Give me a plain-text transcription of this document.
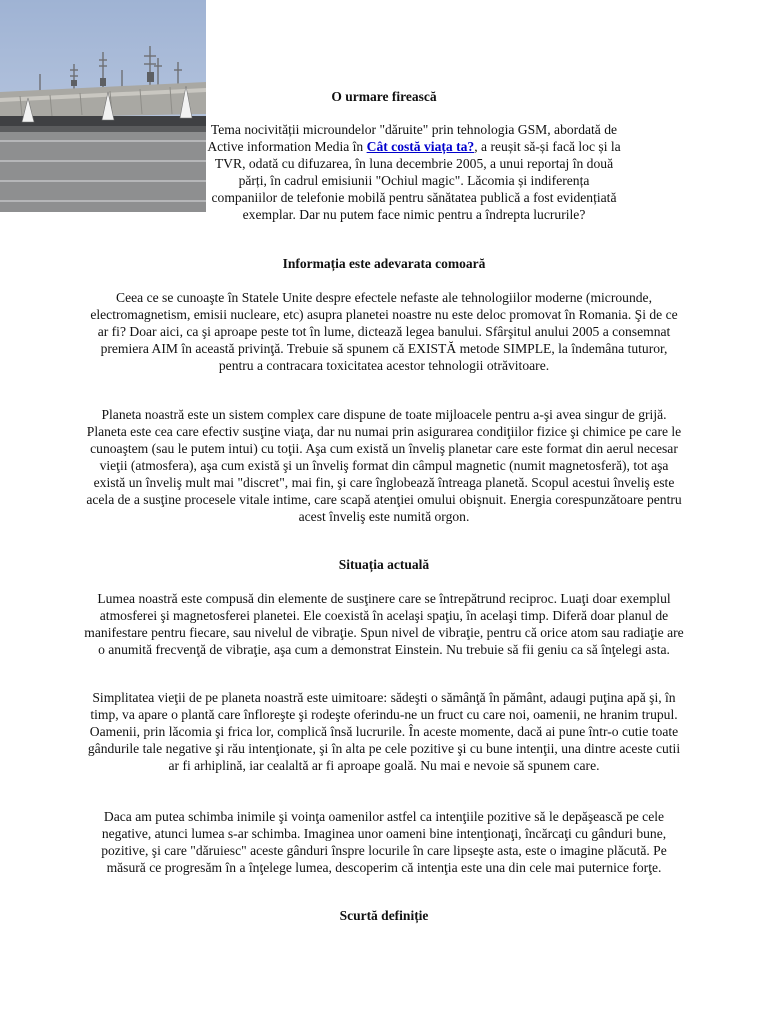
O urmare firească

Tema nocivității microundelor "dăruite" prin tehnologia GSM, abordată de Active information Media în Cât costă viața ta?, a reușit să-și facă loc și la TVR, odată cu difuzarea, în luna decembrie 2005, a unui reportaj în două părți, în cadrul emisiunii "Ochiul magic". Lăcomia și indiferența companiilor de telefonie mobilă pentru sănătatea publică a fost evidențiată exemplar. Dar nu putem face nimic pentru a îndrepta lucrurile?

Informația este adevarata comoară

Ceea ce se cunoaşte în Statele Unite despre efectele nefaste ale tehnologiilor moderne (microunde, electromagnetism, emisii nucleare, etc) asupra planetei noastre nu este deloc promovat în Romania. Şi de ce ar fi? Doar aici, ca şi aproape peste tot în lume, dictează legea banului. Sfârşitul anului 2005 a consemnat premiera AIM în această privinţă. Trebuie să spunem că EXISTĂ metode SIMPLE, la îndemâna tuturor, pentru a contracara toxicitatea acestor tehnologii otrăvitoare.

Planeta noastră este un sistem complex care dispune de toate mijloacele pentru a-şi avea singur de grijă. Planeta este cea care efectiv susţine viaţa, dar nu numai prin asigurarea condiţiilor fizice şi chimice pe care le cunoaştem (sau le putem intui) cu toţii. Aşa cum există un înveliş planetar care este format din aerul necesar vieţii (atmosfera), aşa cum există şi un înveliş format din câmpul magnetic (numit magnetosferă), tot aşa există un înveliş mult mai "discret", mai fin, şi care înglobează întreaga planetă. Scopul acestui înveliş este acela de a susţine procesele vitale intime, care scapă atenţiei omului obişnuit. Energia corespunzătoare pentru acest înveliş este numită orgon.

Situația actuală

Lumea noastră este compusă din elemente de susţinere care se întrepătrund reciproc. Luaţi doar exemplul atmosferei şi magnetosferei planetei. Ele coexistă în acelaşi spaţiu, în acelaşi timp. Diferă doar planul de manifestare pentru fiecare, sau nivelul de vibraţie. Spun nivel de vibraţie, pentru că orice atom sau radiaţie are o anumită frecvenţă de vibraţie, aşa cum a demonstrat Einstein. Nu trebuie să fii geniu ca să înţelegi asta.

Simplitatea vieţii de pe planeta noastră este uimitoare: sădeşti o sămânţă în pământ, adaugi puţina apă şi, în timp, va apare o plantă care înfloreşte şi rodeşte oferindu-ne un fruct cu care noi, oamenii, ne hranim trupul. Oamenii, prin lăcomia şi frica lor, complică însă lucrurile. În aceste momente, dacă ai pune într-o cutie toate gândurile tale negative şi rău intenţionate, şi în alta pe cele pozitive şi cu bune intenţii, una dintre aceste cutii ar fi arhiplină, iar cealaltă ar fi aproape goală. Nu mai e nevoie să spunem care.

Daca am putea schimba inimile şi voinţa oamenilor astfel ca intenţiile pozitive să le depăşească pe cele negative, atunci lumea s-ar schimba. Imaginea unor oameni bine intenţionaţi, încărcaţi cu gânduri bune, pozitive, şi care "dăruiesc" aceste gânduri înspre locurile în care lipseşte asta, este o imagine plăcută. Pe măsură ce progresăm în a înţelege lumea, descoperim că intenţia este una din cele mai puternice forţe.

Scurtă definiție
